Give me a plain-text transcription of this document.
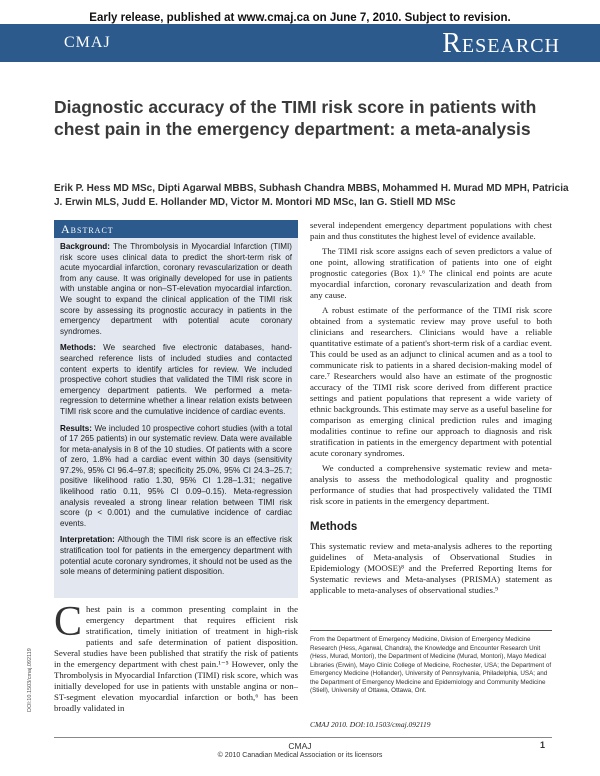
Early release, published at www.cmaj.ca on June 7, 2010. Subject to revision.
CMAJ	Research
Diagnostic accuracy of the TIMI risk score in patients with chest pain in the emergency department: a meta-analysis

Erik P. Hess MD MSc, Dipti Agarwal MBBS, Subhash Chandra MBBS, Mohammed H. Murad MD MPH, Patricia J. Erwin MLS, Judd E. Hollander MD, Victor M. Montori MD MSc, Ian G. Stiell MD MSc

Abstract

Background: The Thrombolysis in Myocardial Infarction (TIMI) risk score uses clinical data to predict the short-term risk of acute myocardial infarction, coronary revascularization or death from any cause. It was originally developed for use in patients with unstable angina or non–ST-elevation myocardial infarction. We sought to expand the clinical application of the TIMI risk score by assessing its prognostic accuracy in patients in the emergency department with potential acute coronary syndromes.

Methods: We searched five electronic databases, hand-searched reference lists of included studies and contacted content experts to identify articles for review. We included prospective cohort studies that validated the TIMI risk score in emergency department patients. We performed a meta-regression to determine whether a linear relation exists between TIMI risk score and the cumulative incidence of cardiac events.

Results: We included 10 prospective cohort studies (with a total of 17 265 patients) in our systematic review. Data were available for meta-analysis in 8 of the 10 studies. Of patients with a score of zero, 1.8% had a cardiac event within 30 days (sensitivity 97.2%, 95% CI 96.4–97.8; specificity 25.0%, 95% CI 24.3–25.7; positive likelihood ratio 1.30, 95% CI 1.28–1.31; negative likelihood ratio 0.11, 95% CI 0.09–0.15). Meta-regression analysis revealed a strong linear relation between TIMI risk score (p < 0.001) and the cumulative incidence of cardiac events.

Interpretation: Although the TIMI risk score is an effective risk stratification tool for patients in the emergency department with potential acute coronary syndromes, it should not be used as the sole means of determining patient disposition.

Chest pain is a common presenting complaint in the emergency department that requires efficient risk stratification, timely initiation of treatment in high-risk patients and safe determination of patient disposition. Several studies have been published that stratify the risk of patients in the emergency department with chest pain.¹⁻⁵ However, only the Thrombolysis in Myocardial Infarction (TIMI) risk score, which was initially developed for use in patients with unstable angina or non–ST-segment elevation myocardial infarction or both,⁶ has been broadly validated in

several independent emergency department populations with chest pain and thus constitutes the highest level of evidence available.

The TIMI risk score assigns each of seven predictors a value of one point, allowing stratification of patients into one of eight prognostic categories (Box 1).⁶ The clinical end points are acute myocardial infarction, coronary revascularization and death from any cause.

A robust estimate of the performance of the TIMI risk score obtained from a systematic review may prove useful to both clinicians and researchers. Clinicians would have a reliable quantitative estimate of a patient's short-term risk of a cardiac event. This could be used as an adjunct to clinical acumen and as a tool to communicate risk to patients in a shared decision-making model of care.⁷ Researchers would also have an estimate of the prognostic accuracy of the TIMI risk score derived from different practice settings and patient populations that represent a wide variety of ethnic backgrounds. This estimate may serve as a useful baseline for comparison as emerging clinical prediction rules and imaging modalities continue to refine our approach to diagnosis and risk stratification in patients in the emergency department with potential acute coronary syndromes.

We conducted a comprehensive systematic review and meta-analysis to assess the methodological quality and prognostic performance of studies that had prospectively validated the TIMI risk score in patients in the emergency department.

Methods

This systematic review and meta-analysis adheres to the reporting guidelines of Meta-analysis of Observational Studies in Epidemiology (MOOSE)⁸ and the Preferred Reporting Items for Systematic reviews and Meta-analyses (PRISMA) statement as applicable to meta-analyses of observational studies.⁹

From the Department of Emergency Medicine, Division of Emergency Medicine Research (Hess, Agarwal, Chandra), the Knowledge and Encounter Research Unit (Hess, Murad, Montori), the Department of Medicine (Murad, Montori), Mayo Medical Libraries (Erwin), Mayo Clinic College of Medicine, Rochester, USA; the Department of Emergency Medicine (Hollander), University of Pennsylvania, Philadelphia, USA; and the Department of Emergency Medicine and Epidemiology and Community Medicine (Stiell), University of Ottawa, Ottawa, Ont.

CMAJ 2010. DOI:10.1503/cmaj.092119
DOI:10.1503/cmaj.092119
CMAJ
© 2010 Canadian Medical Association or its licensors
1
